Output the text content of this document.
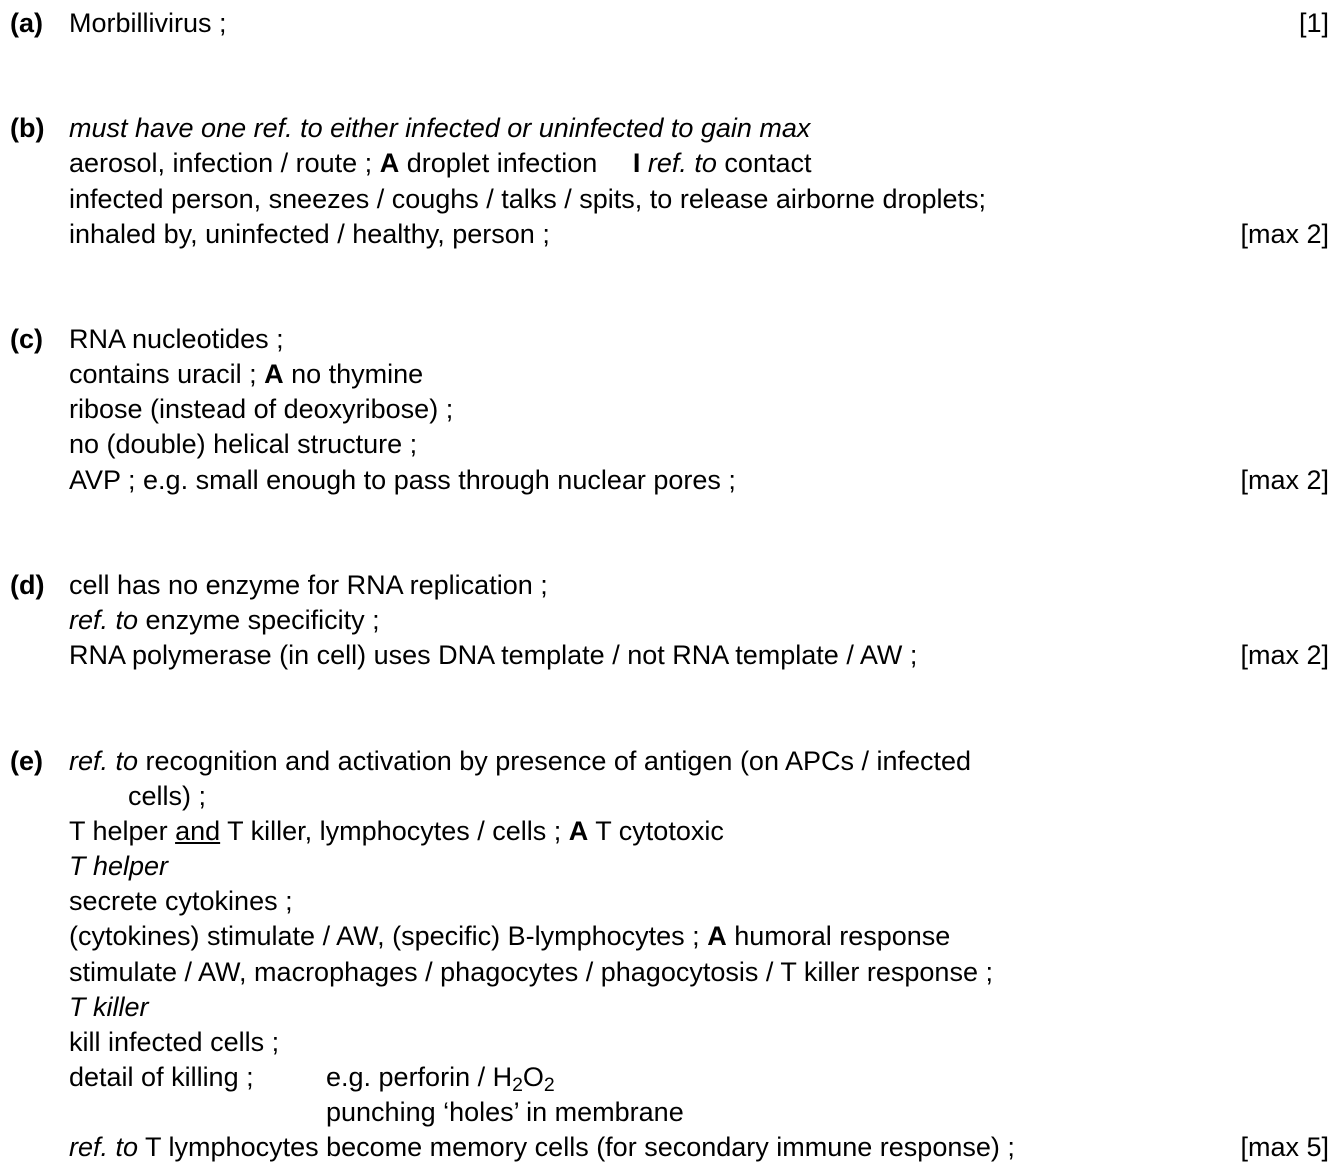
(a) Morbillivirus ;	[1]
(b) must have one ref. to either infected or uninfected to gain max
aerosol, infection / route ; A droplet infection I ref. to contact
infected person, sneezes / coughs / talks / spits, to release airborne droplets;
inhaled by, uninfected / healthy, person ;	[max 2]
(c) RNA nucleotides ;
contains uracil ; A no thymine
ribose (instead of deoxyribose) ;
no (double) helical structure ;
AVP ; e.g. small enough to pass through nuclear pores ;	[max 2]
(d) cell has no enzyme for RNA replication ;
ref. to enzyme specificity ;
RNA polymerase (in cell) uses DNA template / not RNA template / AW ;	[max 2]
(e) ref. to recognition and activation by presence of antigen (on APCs / infected
cells) ;
T helper and T killer, lymphocytes / cells ; A T cytotoxic
T helper
secrete cytokines ;
(cytokines) stimulate / AW, (specific) B-lymphocytes ; A humoral response
stimulate / AW, macrophages / phagocytes / phagocytosis / T killer response ;
T killer
kill infected cells ;
detail of killing ;	e.g. perforin / $H_2O_2$
punching ‘holes’ in membrane
ref. to T lymphocytes become memory cells (for secondary immune response) ;	[max 5]
